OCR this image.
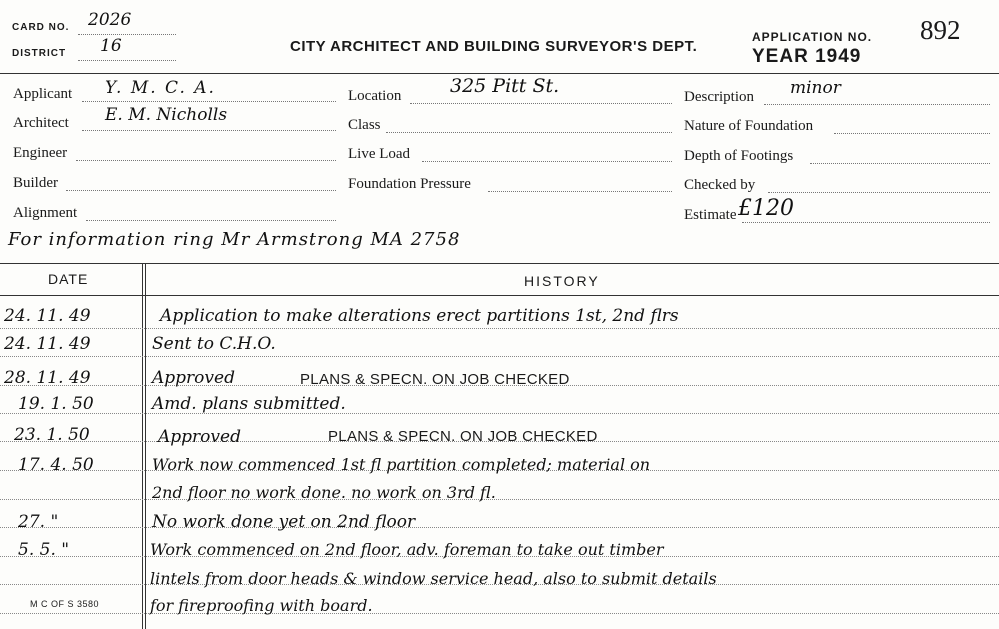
CARD NO. 2026
DISTRICT 16	CITY ARCHITECT AND BUILDING SURVEYOR'S DEPT.
APPLICATION NO. 892
YEAR 1949
Applicant Y. M. C. A.
Architect E. M. Nicholls
Engineer
Builder
Alignment
Location	325 Pitt St.
Class
Live Load
Foundation Pressure
Description minor
Nature of Foundation
Depth of Footings
Checked by
Estimate £120
For information ring Mr Armstrong MA 2758
DATE	HISTORY
24. 11. 49	Application to make alterations erect partitions 1st, 2nd flrs
24. 11. 49	Sent to C.H.O.
28. 11. 49	Approved	PLANS & SPECN. ON JOB CHECKED
19. 1. 50	Amd. plans submitted.
23. 1. 50	Approved	PLANS & SPECN. ON JOB CHECKED
17. 4. 50	Work now commenced 1st fl partition completed; material on
2nd floor no work done. no work on 3rd fl.
27. "	No work done yet on 2nd floor
5. 5. "	Work commenced on 2nd floor, adv. foreman to take out timber
lintels from door heads & window service head, also to submit details
for fireproofing with board.
M C OF S 3580
